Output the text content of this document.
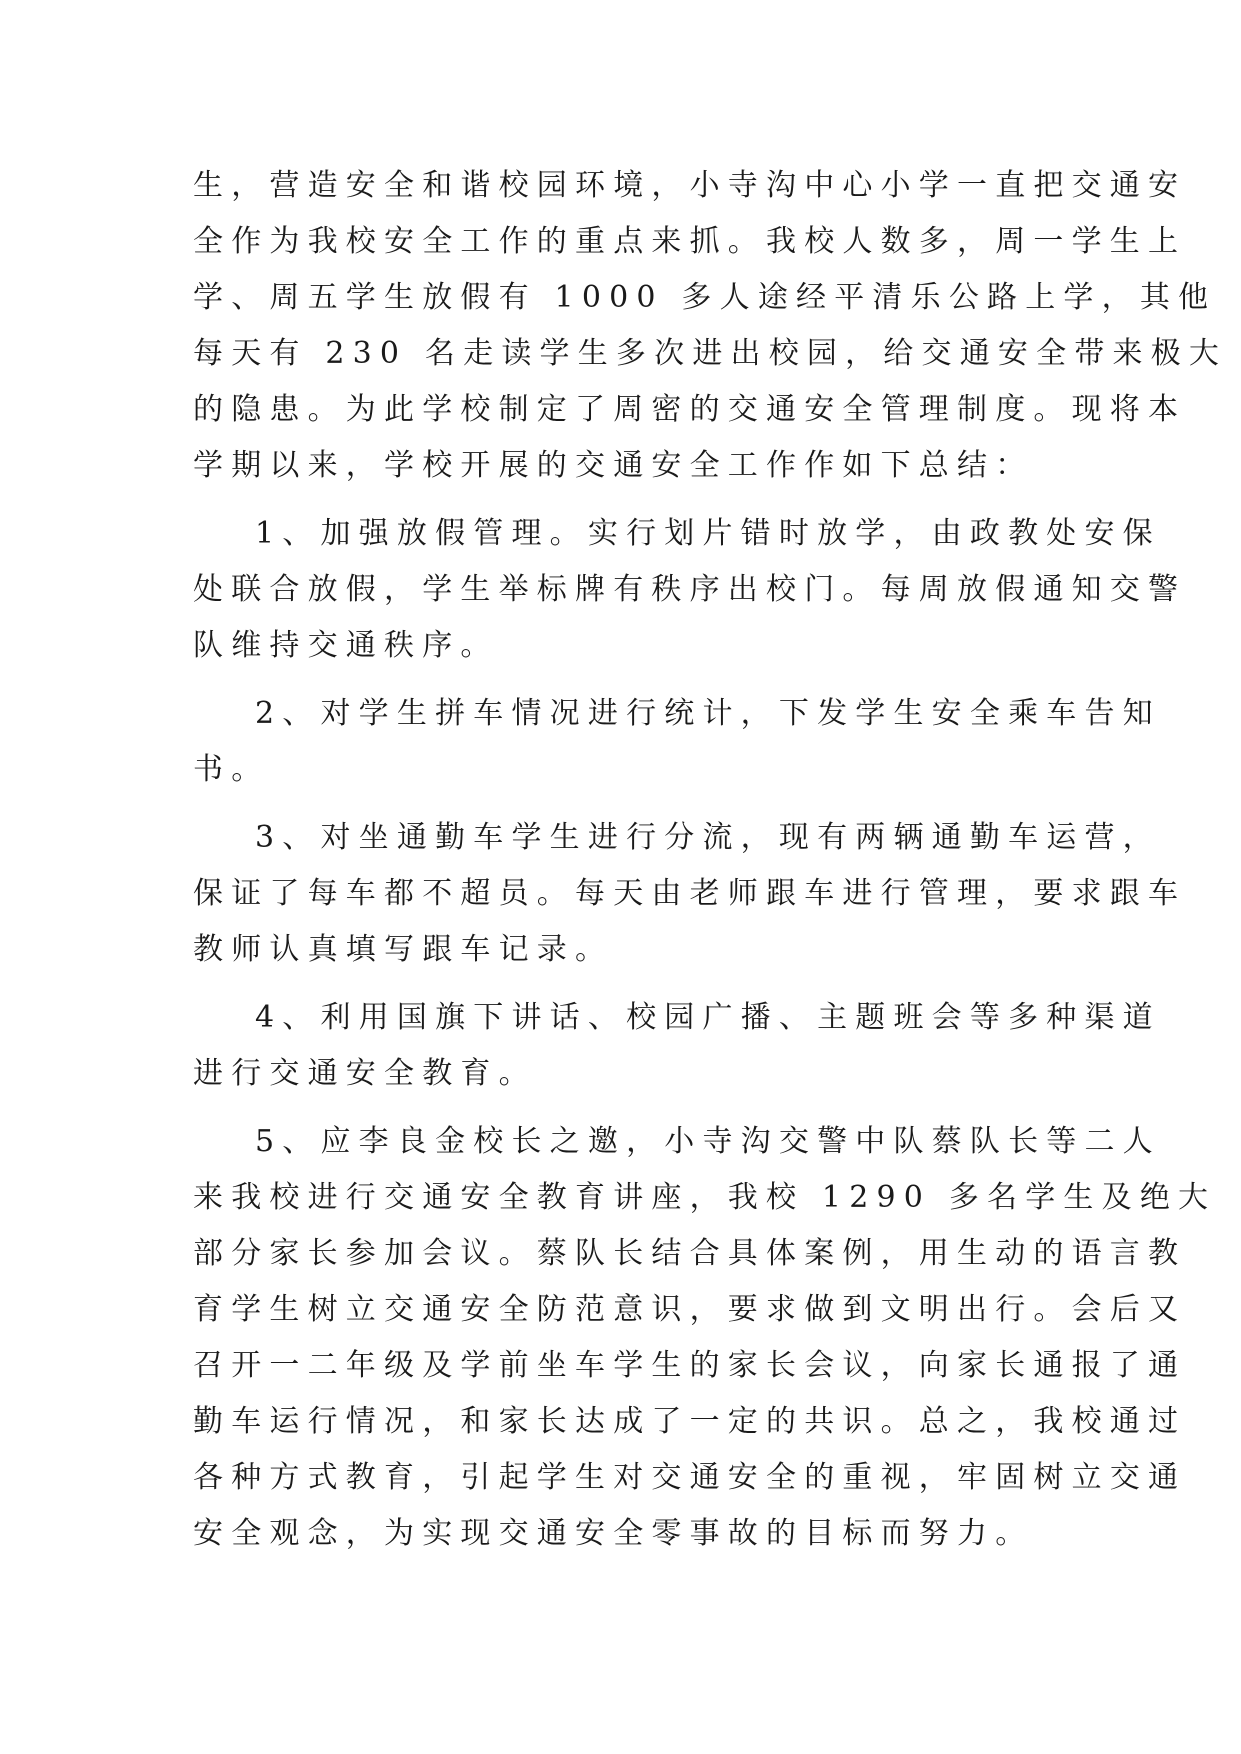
生，营造安全和谐校园环境，小寺沟中心小学一直把交通安
全作为我校安全工作的重点来抓。我校人数多，周一学生上
学、周五学生放假有 1000 多人途经平清乐公路上学，其他
每天有 230 名走读学生多次进出校园，给交通安全带来极大
的隐患。为此学校制定了周密的交通安全管理制度。现将本
学期以来，学校开展的交通安全工作作如下总结：
1、加强放假管理。实行划片错时放学，由政教处安保
处联合放假，学生举标牌有秩序出校门。每周放假通知交警
队维持交通秩序。
2、对学生拼车情况进行统计，下发学生安全乘车告知
书。
3、对坐通勤车学生进行分流，现有两辆通勤车运营，
保证了每车都不超员。每天由老师跟车进行管理，要求跟车
教师认真填写跟车记录。
4、利用国旗下讲话、校园广播、主题班会等多种渠道
进行交通安全教育。
5、应李良金校长之邀，小寺沟交警中队蔡队长等二人
来我校进行交通安全教育讲座，我校 1290 多名学生及绝大
部分家长参加会议。蔡队长结合具体案例，用生动的语言教
育学生树立交通安全防范意识，要求做到文明出行。会后又
召开一二年级及学前坐车学生的家长会议，向家长通报了通
勤车运行情况，和家长达成了一定的共识。总之，我校通过
各种方式教育，引起学生对交通安全的重视，牢固树立交通
安全观念，为实现交通安全零事故的目标而努力。
